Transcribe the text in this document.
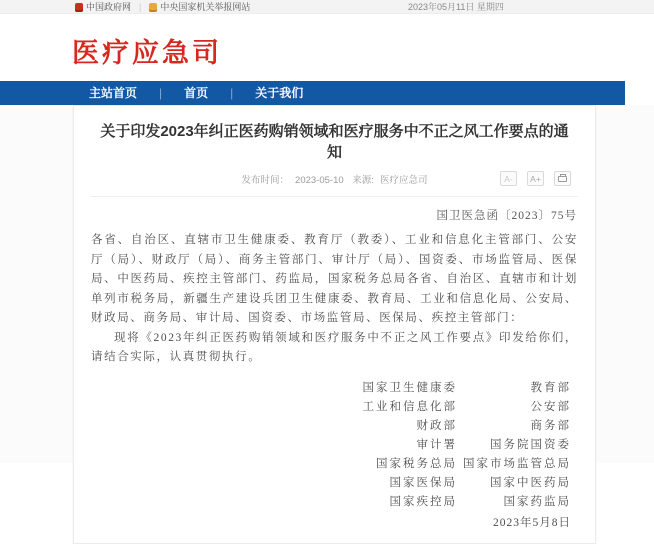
中国政府网 | 中央国家机关举报网站	2023年05月11日 星期四
医疗应急司
主站首页	|	首页	|	关于我们
关于印发2023年纠正医药购销领域和医疗服务中不正之风工作要点的通知
发布时间： 2023-05-10 来源: 医疗应急司	A-	A+
国卫医急函〔2023〕75号

各省、自治区、直辖市卫生健康委、教育厅（教委）、工业和信息化主管部门、公安厅（局）、财政厅（局）、商务主管部门、审计厅（局）、国资委、市场监管局、医保局、中医药局、疾控主管部门、药监局，国家税务总局各省、自治区、直辖市和计划单列市税务局，新疆生产建设兵团卫生健康委、教育局、工业和信息化局、公安局、财政局、商务局、审计局、国资委、市场监管局、医保局、疾控主管部门：

现将《2023年纠正医药购销领域和医疗服务中不正之风工作要点》印发给你们，请结合实际，认真贯彻执行。

国家卫生健康委	教育部
工业和信息化部	公安部
财政部	商务部
审计署	国务院国资委
国家税务总局 国家市场监管总局
国家医保局	国家中医药局
国家疾控局	国家药监局
2023年5月8日
